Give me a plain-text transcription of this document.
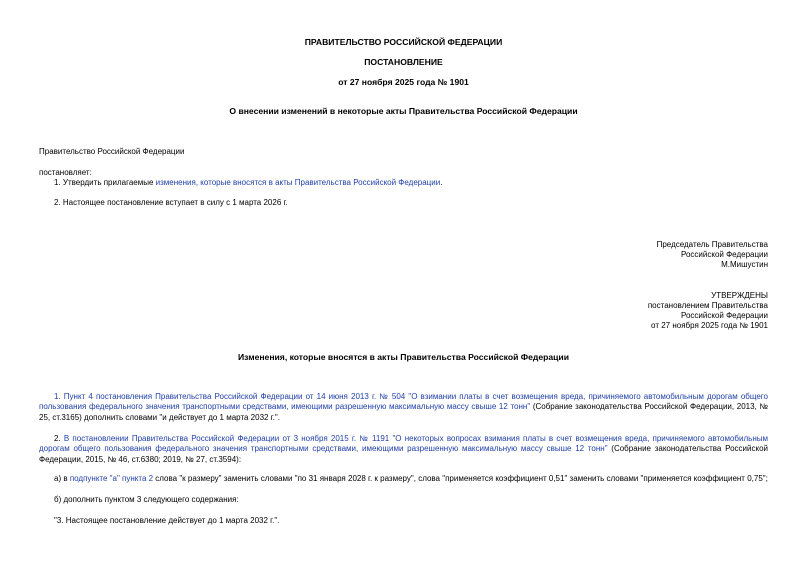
ПРАВИТЕЛЬСТВО РОССИЙСКОЙ ФЕДЕРАЦИИ
ПОСТАНОВЛЕНИЕ
от 27 ноября 2025 года № 1901
О внесении изменений в некоторые акты Правительства Российской Федерации
Правительство Российской Федерации
постановляет:
1. Утвердить прилагаемые изменения, которые вносятся в акты Правительства Российской Федерации.
2. Настоящее постановление вступает в силу с 1 марта 2026 г.
Председатель Правительства
Российской Федерации
М.Мишустин
УТВЕРЖДЕНЫ
постановлением Правительства
Российской Федерации
от 27 ноября 2025 года № 1901
Изменения, которые вносятся в акты Правительства Российской Федерации
1. Пункт 4 постановления Правительства Российской Федерации от 14 июня 2013 г. № 504 "О взимании платы в счет возмещения вреда, причиняемого автомобильным дорогам общего пользования федерального значения транспортными средствами, имеющими разрешенную максимальную массу свыше 12 тонн" (Собрание законодательства Российской Федерации, 2013, № 25, ст.3165) дополнить словами "и действует до 1 марта 2032 г.".
2. В постановлении Правительства Российской Федерации от 3 ноября 2015 г. № 1191 "О некоторых вопросах взимания платы в счет возмещения вреда, причиняемого автомобильным дорогам общего пользования федерального значения транспортными средствами, имеющими разрешенную максимальную массу свыше 12 тонн" (Собрание законодательства Российской Федерации, 2015, № 46, ст.6380; 2019, № 27, ст.3594):
а) в подпункте "а" пункта 2 слова "к размеру" заменить словами "по 31 января 2028 г. к размеру", слова "применяется коэффициент 0,51" заменить словами "применяется коэффициент 0,75";
б) дополнить пунктом 3 следующего содержания:
"3. Настоящее постановление действует до 1 марта 2032 г.".
